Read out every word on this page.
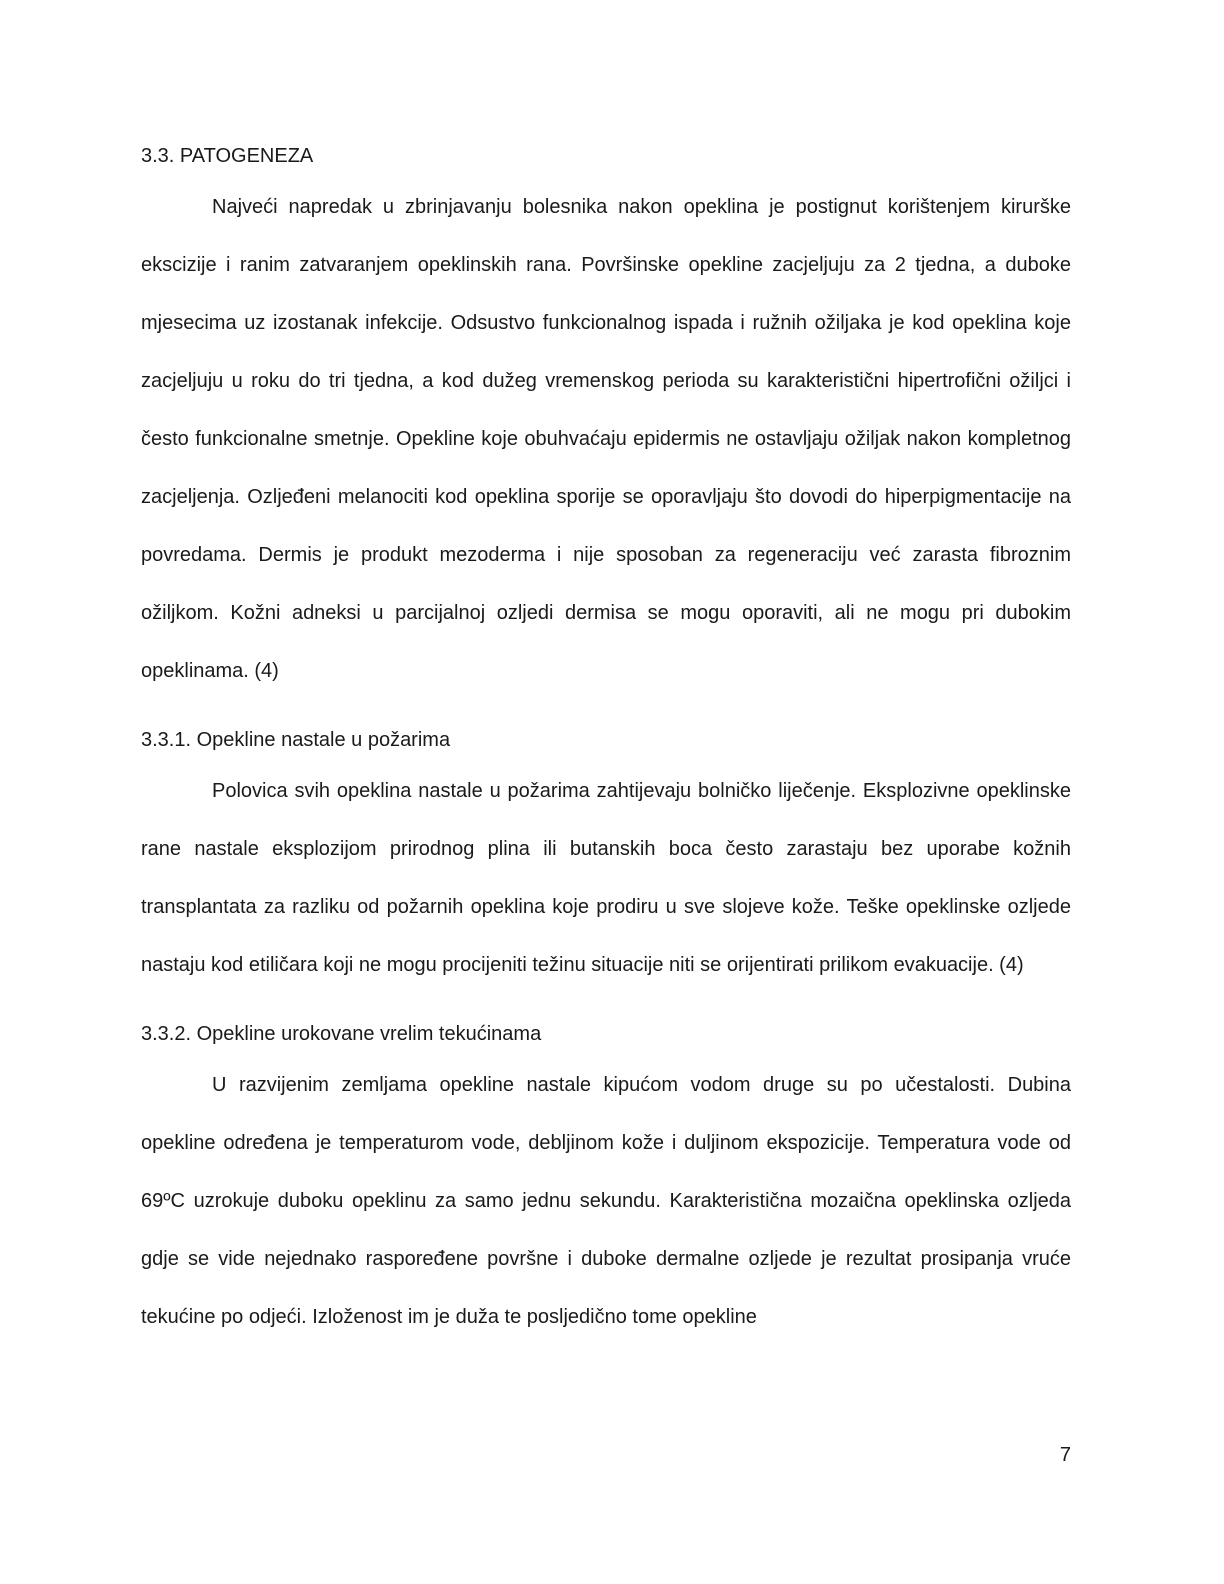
3.3. PATOGENEZA

Najveći napredak u zbrinjavanju bolesnika nakon opeklina je postignut korištenjem kirurške ekscizije i ranim zatvaranjem opeklinskih rana. Površinske opekline zacjeljuju za 2 tjedna, a duboke mjesecima uz izostanak infekcije. Odsustvo funkcionalnog ispada i ružnih ožiljaka je kod opeklina koje zacjeljuju u roku do tri tjedna, a kod dužeg vremenskog perioda su karakteristični hipertrofični ožiljci i često funkcionalne smetnje. Opekline koje obuhvaćaju epidermis ne ostavljaju ožiljak nakon kompletnog zacjeljenja. Ozljeđeni melanociti kod opeklina sporije se oporavljaju što dovodi do hiperpigmentacije na povredama. Dermis je produkt mezoderma i nije sposoban za regeneraciju već zarasta fibroznim ožiljkom. Kožni adneksi u parcijalnoj ozljedi dermisa se mogu oporaviti, ali ne mogu pri dubokim opeklinama. (4)

3.3.1. Opekline nastale u požarima

Polovica svih opeklina nastale u požarima zahtijevaju bolničko liječenje. Eksplozivne opeklinske rane nastale eksplozijom prirodnog plina ili butanskih boca često zarastaju bez uporabe kožnih transplantata za razliku od požarnih opeklina koje prodiru u sve slojeve kože. Teške opeklinske ozljede nastaju kod etiličara koji ne mogu procijeniti težinu situacije niti se orijentirati prilikom evakuacije. (4)

3.3.2. Opekline urokovane vrelim tekućinama

U razvijenim zemljama opekline nastale kipućom vodom druge su po učestalosti. Dubina opekline određena je temperaturom vode, debljinom kože i duljinom ekspozicije. Temperatura vode od 69ºC uzrokuje duboku opeklinu za samo jednu sekundu. Karakteristična mozaična opeklinska ozljeda gdje se vide nejednako raspoređene površne i duboke dermalne ozljede je rezultat prosipanja vruće tekućine po odjeći. Izloženost im je duža te posljedično tome opekline

7
